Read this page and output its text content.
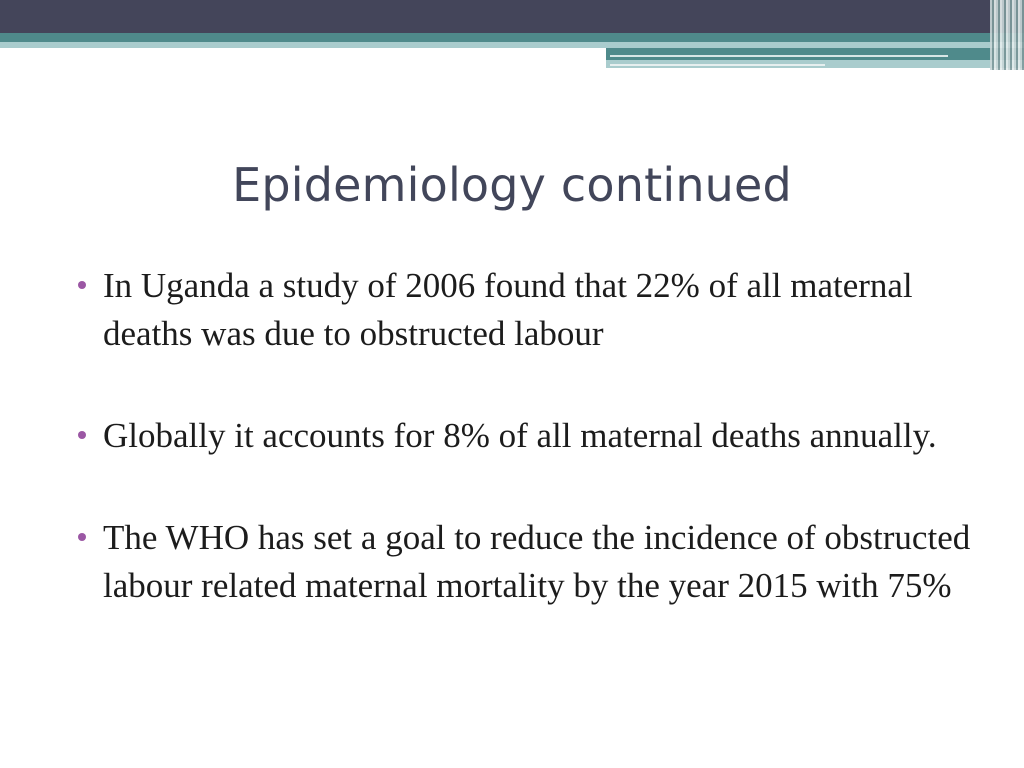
Epidemiology continued
In Uganda a study of 2006 found that 22% of all maternal deaths was due to obstructed labour
Globally it accounts for 8% of all maternal deaths annually.
The WHO has set a goal to reduce the incidence of obstructed labour related maternal mortality by the year 2015 with 75%
